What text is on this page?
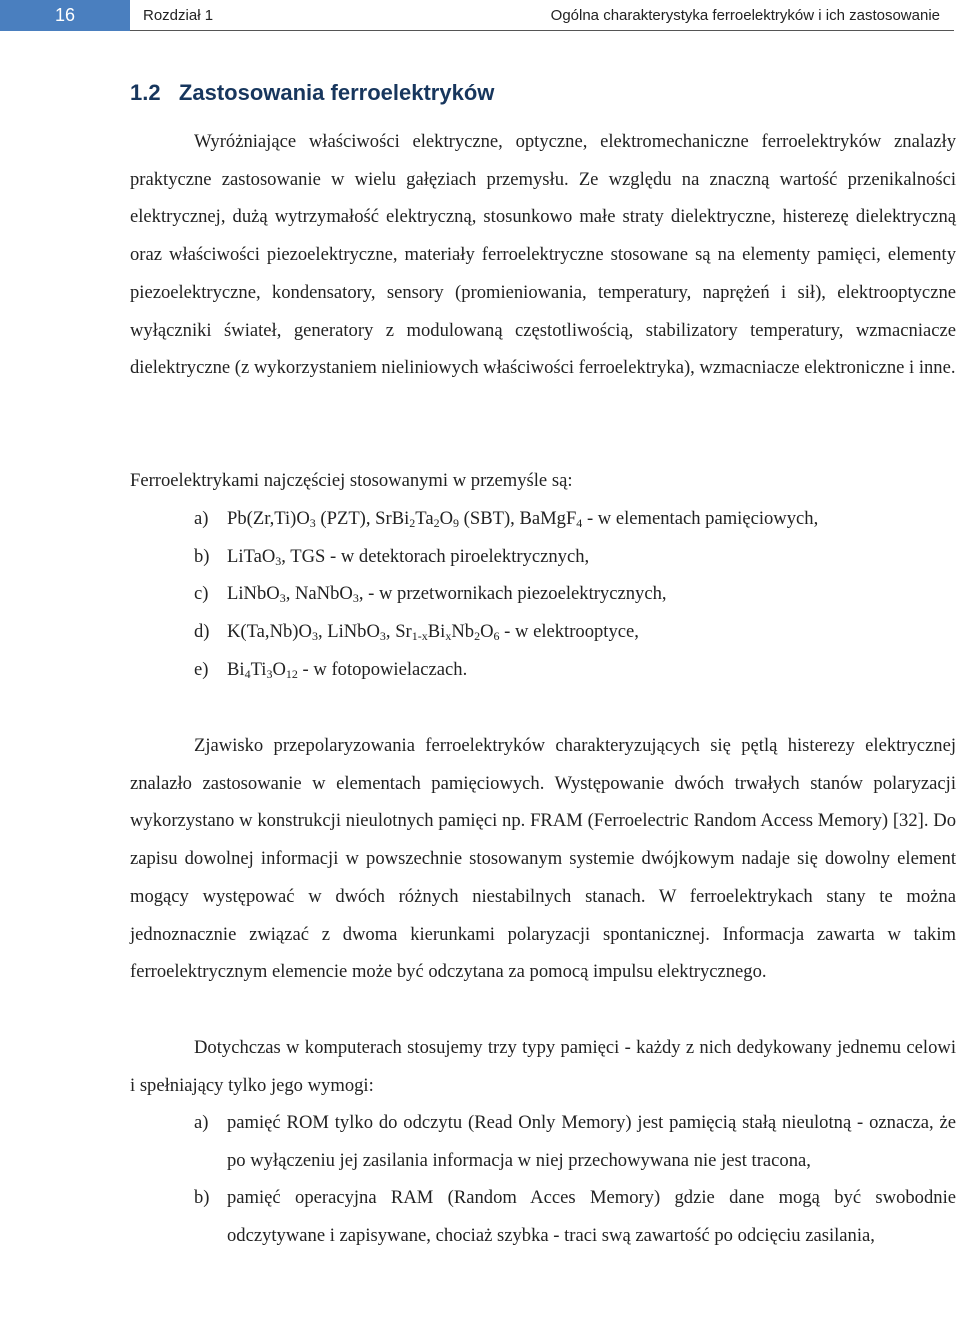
16	Rozdział 1	Ogólna charakterystyka ferroelektryków i ich zastosowanie
1.2   Zastosowania ferroelektryków

Wyróżniające właściwości elektryczne, optyczne, elektromechaniczne ferroelektryków znalazły praktyczne zastosowanie w wielu gałęziach przemysłu. Ze względu na znaczną wartość przenikalności elektrycznej, dużą wytrzymałość elektryczną, stosunkowo małe straty dielektryczne, histerezę dielektryczną oraz właściwości piezoelektryczne, materiały ferroelektryczne stosowane są na elementy pamięci, elementy piezoelektryczne, kondensatory, sensory (promieniowania, temperatury, naprężeń i sił), elektrooptyczne wyłączniki świateł, generatory z modulowaną częstotliwością, stabilizatory temperatury, wzmacniacze dielektryczne (z wykorzystaniem nieliniowych właściwości ferroelektryka), wzmacniacze elektroniczne i inne.

Ferroelektrykami najczęściej stosowanymi w przemyśle są:
a) $Pb(Zr,Ti)O_3$ (PZT), $SrBi_2Ta_2O_9$ (SBT), BaMgF$_4$ - w elementach pamięciowych,
b) LiTaO$_3$, TGS - w detektorach piroelektrycznych,
c) LiNbO$_3$, NaNbO$_3$, - w przetwornikach piezoelektrycznych,
d) $K(Ta,Nb)O_3$, LiNbO$_3$, $Sr_{1-x}Bi_xNb_2O_6$ - w elektrooptyce,
e) $Bi_4Ti_3O_{12}$ - w fotopowielaczach.

Zjawisko przepolaryzowania ferroelektryków charakteryzujących się pętlą histerezy elektrycznej znalazło zastosowanie w elementach pamięciowych. Występowanie dwóch trwałych stanów polaryzacji wykorzystano w konstrukcji nieulotnych pamięci np. FRAM (Ferroelectric Random Access Memory) [32]. Do zapisu dowolnej informacji w powszechnie stosowanym systemie dwójkowym nadaje się dowolny element mogący występować w dwóch różnych niestabilnych stanach. W ferroelektrykach stany te można jednoznacznie związać z dwoma kierunkami polaryzacji spontanicznej. Informacja zawarta w takim ferroelektrycznym elemencie może być odczytana za pomocą impulsu elektrycznego.

Dotychczas w komputerach stosujemy trzy typy pamięci - każdy z nich dedykowany jednemu celowi i spełniający tylko jego wymogi:

a) pamięć ROM tylko do odczytu (Read Only Memory) jest pamięcią stałą nieulotną - oznacza, że po wyłączeniu jej zasilania informacja w niej przechowywana nie jest tracona,
b) pamięć operacyjna RAM (Random Acces Memory) gdzie dane mogą być swobodnie odczytywane i zapisywane, chociaż szybka - traci swą zawartość po odcięciu zasilania,
